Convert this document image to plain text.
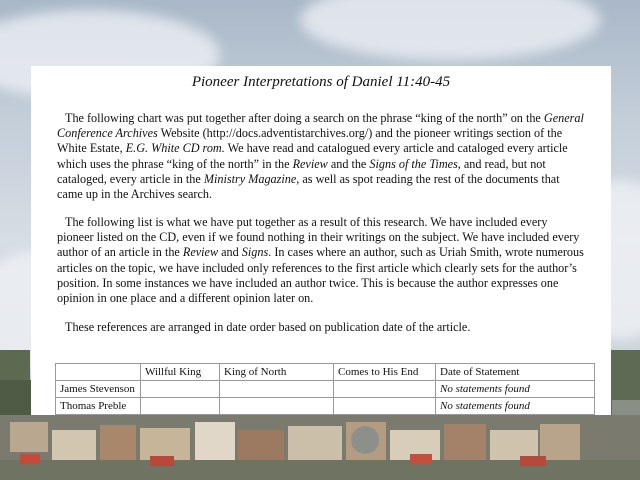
Pioneer Interpretations of Daniel 11:40-45

The following chart was put together after doing a search on the phrase “king of the north” on the General Conference Archives Website (http://docs.adventistarchives.org/) and the pioneer writings section of the White Estate, E.G. White CD rom. We have read and catalogued every article and cataloged every article which uses the phrase “king of the north” in the Review and the Signs of the Times, and read, but not cataloged, every article in the Ministry Magazine, as well as spot reading the rest of the documents that came up in the Archives search.

The following list is what we have put together as a result of this research. We have included every pioneer listed on the CD, even if we found nothing in their writings on the subject. We have included every author of an article in the Review and Signs. In cases where an author, such as Uriah Smith, wrote numerous articles on the topic, we have included only references to the first article which clearly sets for the author’s position. In some instances we have included an author twice. This is because the author expresses one opinion in one place and a different opinion later on.

These references are arranged in date order based on publication date of the article.

	Willful King	King of North	Comes to His End	Date of Statement
James Stevenson				No statements found
Thomas Preble				No statements found
